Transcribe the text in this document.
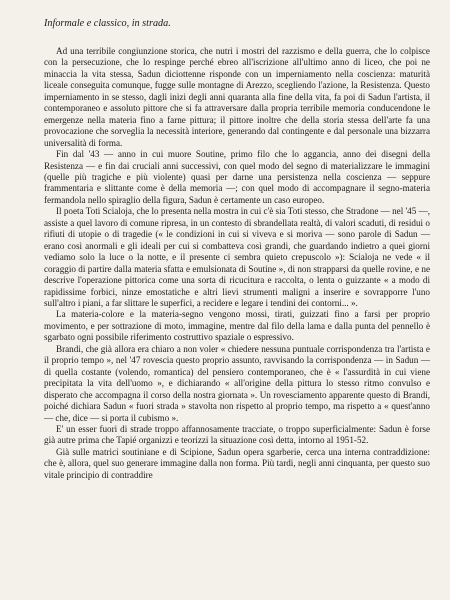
Informale e classico, in strada.

Ad una terribile congiunzione storica, che nutrì i mostri del razzismo e della guerra, che lo colpisce con la persecuzione, che lo respinge perché ebreo all'iscrizione all'ultimo anno di liceo, che poi ne minaccia la vita stessa, Sadun diciottenne risponde con un imperniamento nella coscienza: maturità liceale conseguita comunque, fugge sulle montagne di Arezzo, scegliendo l'azione, la Resistenza. Questo imperniamento in se stesso, dagli inizi degli anni quaranta alla fine della vita, fa poi di Sadun l'artista, il contemporaneo e assoluto pittore che si fa attraversare dalla propria terribile memoria conducendone le emergenze nella materia fino a farne pittura; il pittore inoltre che della storia stessa dell'arte fa una provocazione che sorveglia la necessità interiore, generando dal contingente e dal personale una bizzarra universalità di forma.

Fin dal '43 — anno in cui muore Soutine, primo filo che lo aggancia, anno dei disegni della Resistenza — e fin dai cruciali anni successivi, con quel modo del segno di materializzare le immagini (quelle più tragiche e più violente) quasi per darne una persistenza nella coscienza — seppure frammentaria e slittante come è della memoria —; con quel modo di accompagnare il segno-materia fermandola nello spiraglio della figura, Sadun è certamente un caso europeo.

Il poeta Toti Scialoja, che lo presenta nella mostra in cui c'è sia Toti stesso, che Stradone — nel '45 —, assiste a quel lavoro di comune ripresa, in un contesto di sbrandellata realtà, di valori scaduti, di residui o rifiuti di utopie o di tragedie (« le condizioni in cui si viveva e si moriva — sono parole di Sadun — erano così anormali e gli ideali per cui si combatteva così grandi, che guardando indietro a quei giorni vediamo solo la luce o la notte, e il presente ci sembra quieto crepuscolo »): Scialoja ne vede « il coraggio di partire dalla materia sfatta e emulsionata di Soutine », di non strapparsi da quelle rovine, e ne descrive l'operazione pittorica come una sorta di ricucitura e raccolta, o lenta o guizzante « a modo di rapidissime forbici, ninze emostatiche e altri lievi strumenti maligni a inserire e sovrapporre l'uno sull'altro i piani, a far slittare le superfici, a recidere e legare i tendini dei contorni... ».

La materia-colore e la materia-segno vengono mossi, tirati, guizzati fino a farsi per proprio movimento, e per sottrazione di moto, immagine, mentre dal filo della lama e dalla punta del pennello è sgarbato ogni possibile riferimento costruttivo spaziale o espressivo.

Brandi, che già allora era chiaro a non voler « chiedere nessuna puntuale corrispondenza tra l'artista e il proprio tempo », nel '47 rovescia questo proprio assunto, ravvisando la corrispondenza — in Sadun — di quella costante (volendo, romantica) del pensiero contemporaneo, che è « l'assurdità in cui viene precipitata la vita dell'uomo », e dichiarando « all'origine della pittura lo stesso ritmo convulso e disperato che accompagna il corso della nostra giornata ». Un rovesciamento apparente questo di Brandi, poiché dichiara Sadun « fuori strada » stavolta non rispetto al proprio tempo, ma rispetto a « quest'anno — che, dice — si porta il cubismo ».

E' un esser fuori di strade troppo affannosamente tracciate, o troppo superficialmente: Sadun è forse già autre prima che Tapié organizzi e teorizzi la situazione così detta, intorno al 1951-52.

Già sulle matrici soutiniane e di Scipione, Sadun opera sgarberie, cerca una interna contraddizione: che è, allora, quel suo generare immagine dalla non forma. Più tardi, negli anni cinquanta, per questo suo vitale principio di contraddire
